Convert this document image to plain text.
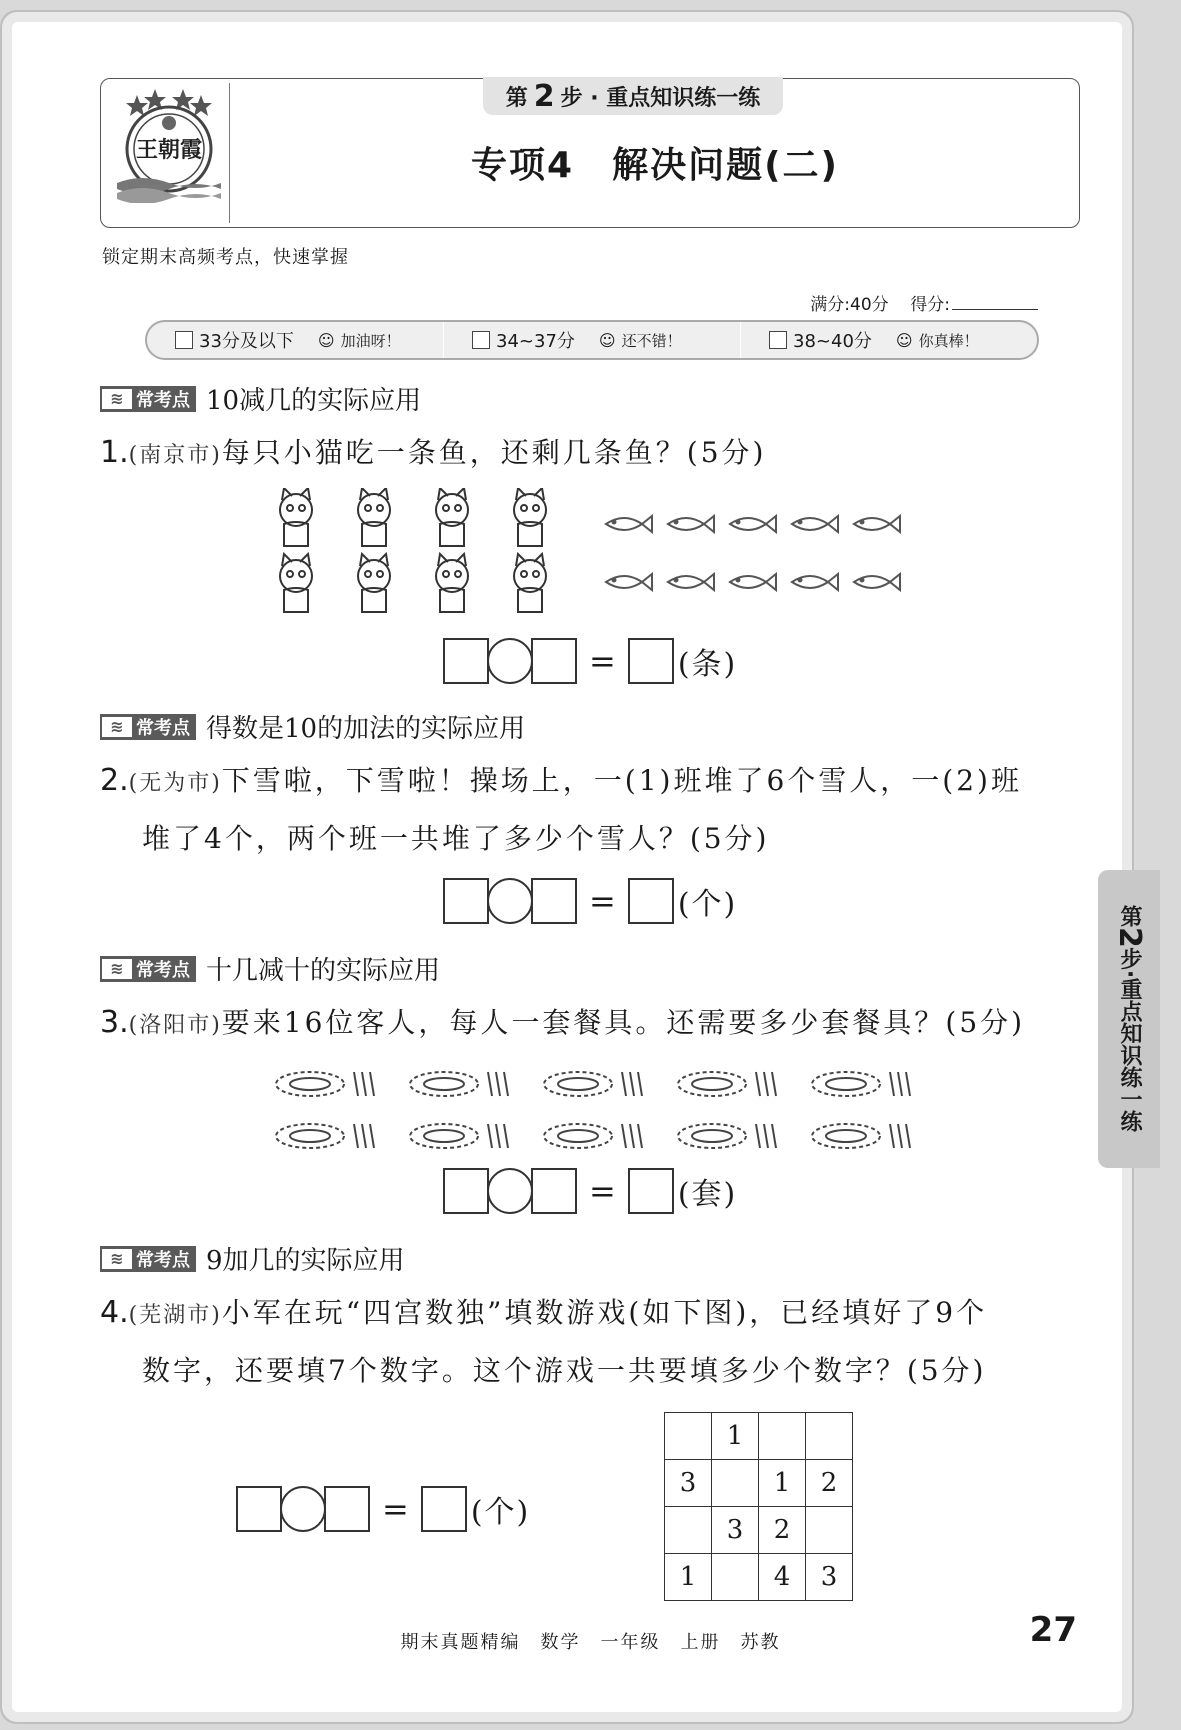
王朝霞
第 2 步 · 重点知识练一练
专项4　解决问题(二)
锁定期末高频考点，快速掌握
满分:40分 得分:
33分及以下 ☺ 加油呀！	34~37分 ☺ 还不错！	38~40分 ☺ 你真棒！
≋ 常考点 10减几的实际应用
1.(南京市)每只小猫吃一条鱼，还剩几条鱼？(5分)
= (条)
≋ 常考点 得数是10的加法的实际应用
2.(无为市)下雪啦，下雪啦！操场上，一(1)班堆了6个雪人，一(2)班
堆了4个，两个班一共堆了多少个雪人？(5分)
= (个)
≋ 常考点 十几减十的实际应用
3.(洛阳市)要来16位客人，每人一套餐具。还需要多少套餐具？(5分)
= (套)
≋ 常考点 9加几的实际应用
4.(芜湖市)小军在玩“四宫数独”填数游戏(如下图)，已经填好了9个
数字，还要填7个数字。这个游戏一共要填多少个数字？(5分)
= (个)
	1		
3		1	2
	3	2	
1		4	3
第2步·重点知识练一练
期末真题精编　数学　一年级　上册　苏教	27
